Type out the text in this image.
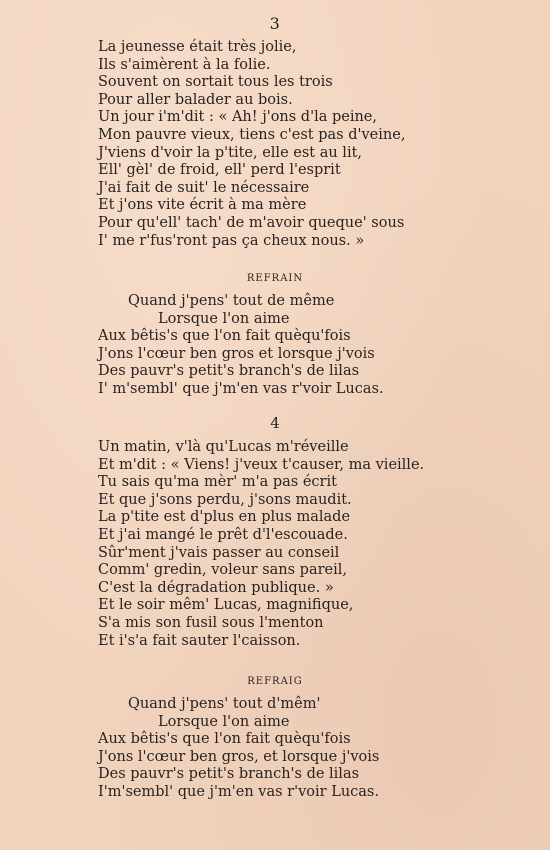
3
La jeunesse était très jolie,
Ils s'aimèrent à la folie.
Souvent on sortait tous les trois
Pour aller balader au bois.
Un jour i'm'dit : « Ah! j'ons d'la peine,
Mon pauvre vieux, tiens c'est pas d'veine,
J'viens d'voir la p'tite, elle est au lit,
Ell' gèl' de froid, ell' perd l'esprit
J'ai fait de suit' le nécessaire
Et j'ons vite écrit à ma mère
Pour qu'ell' tach' de m'avoir queque' sous
I' me r'fus'ront pas ça cheux nous. »
REFRAIN
Quand j'pens' tout de même
Lorsque l'on aime
Aux bêtis's que l'on fait quèqu'fois
J'ons l'cœur ben gros et lorsque j'vois
Des pauvr's petit's branch's de lilas
I' m'sembl' que j'm'en vas r'voir Lucas.
4
Un matin, v'là qu'Lucas m'réveille
Et m'dit : « Viens! j'veux t'causer, ma vieille.
Tu sais qu'ma mèr' m'a pas écrit
Et que j'sons perdu, j'sons maudit.
La p'tite est d'plus en plus malade
Et j'ai mangé le prêt d'l'escouade.
Sûr'ment j'vais passer au conseil
Comm' gredin, voleur sans pareil,
C'est la dégradation publique. »
Et le soir mêm' Lucas, magnifique,
S'a mis son fusil sous l'menton
Et i's'a fait sauter l'caisson.
REFRAIG
Quand j'pens' tout d'mêm'
Lorsque l'on aime
Aux bêtis's que l'on fait quèqu'fois
J'ons l'cœur ben gros, et lorsque j'vois
Des pauvr's petit's branch's de lilas
I'm'sembl' que j'm'en vas r'voir Lucas.
